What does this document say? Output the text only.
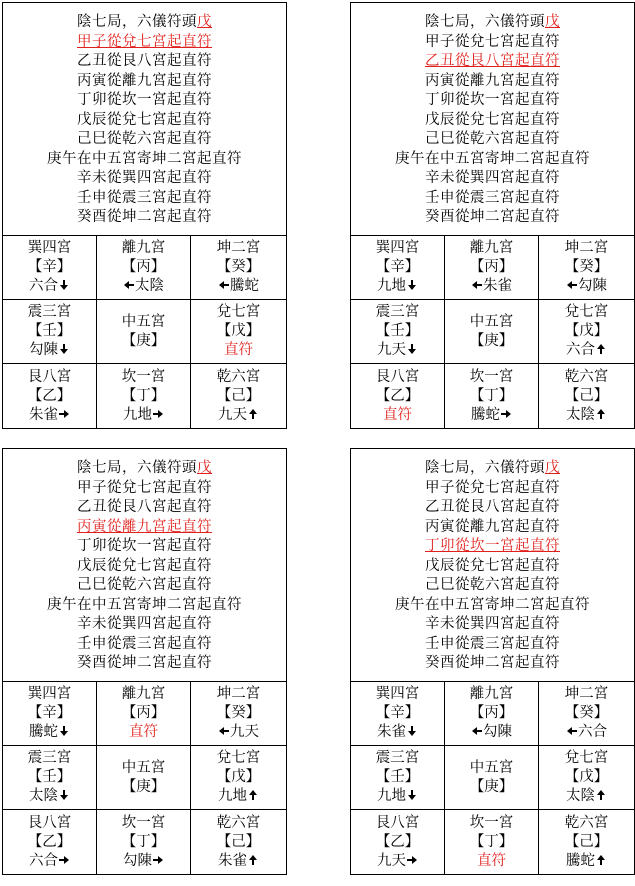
陰七局，六儀符頭戊
甲子從兌七宮起直符
乙丑從艮八宮起直符
丙寅從離九宮起直符
丁卯從坎一宮起直符
戊辰從兌七宮起直符
己巳從乾六宮起直符
庚午在中五宮寄坤二宮起直符
辛未從巽四宮起直符
壬申從震三宮起直符
癸酉從坤二宮起直符
巽四宮
【辛】
六合
離九宮
【丙】
太陰
坤二宮
【癸】
騰蛇
震三宮
【壬】
勾陳
中五宮
【庚】
兌七宮
【戊】
直符
艮八宮
【乙】
朱雀
坎一宮
【丁】
九地
乾六宮
【己】
九天
陰七局，六儀符頭戊
甲子從兌七宮起直符
乙丑從艮八宮起直符
丙寅從離九宮起直符
丁卯從坎一宮起直符
戊辰從兌七宮起直符
己巳從乾六宮起直符
庚午在中五宮寄坤二宮起直符
辛未從巽四宮起直符
壬申從震三宮起直符
癸酉從坤二宮起直符
巽四宮
【辛】
九地
離九宮
【丙】
朱雀
坤二宮
【癸】
勾陳
震三宮
【壬】
九天
中五宮
【庚】
兌七宮
【戊】
六合
艮八宮
【乙】
直符
坎一宮
【丁】
騰蛇
乾六宮
【己】
太陰
陰七局，六儀符頭戊
甲子從兌七宮起直符
乙丑從艮八宮起直符
丙寅從離九宮起直符
丁卯從坎一宮起直符
戊辰從兌七宮起直符
己巳從乾六宮起直符
庚午在中五宮寄坤二宮起直符
辛未從巽四宮起直符
壬申從震三宮起直符
癸酉從坤二宮起直符
巽四宮
【辛】
騰蛇
離九宮
【丙】
直符
坤二宮
【癸】
九天
震三宮
【壬】
太陰
中五宮
【庚】
兌七宮
【戊】
九地
艮八宮
【乙】
六合
坎一宮
【丁】
勾陳
乾六宮
【己】
朱雀
陰七局，六儀符頭戊
甲子從兌七宮起直符
乙丑從艮八宮起直符
丙寅從離九宮起直符
丁卯從坎一宮起直符
戊辰從兌七宮起直符
己巳從乾六宮起直符
庚午在中五宮寄坤二宮起直符
辛未從巽四宮起直符
壬申從震三宮起直符
癸酉從坤二宮起直符
巽四宮
【辛】
朱雀
離九宮
【丙】
勾陳
坤二宮
【癸】
六合
震三宮
【壬】
九地
中五宮
【庚】
兌七宮
【戊】
太陰
艮八宮
【乙】
九天
坎一宮
【丁】
直符
乾六宮
【己】
騰蛇
